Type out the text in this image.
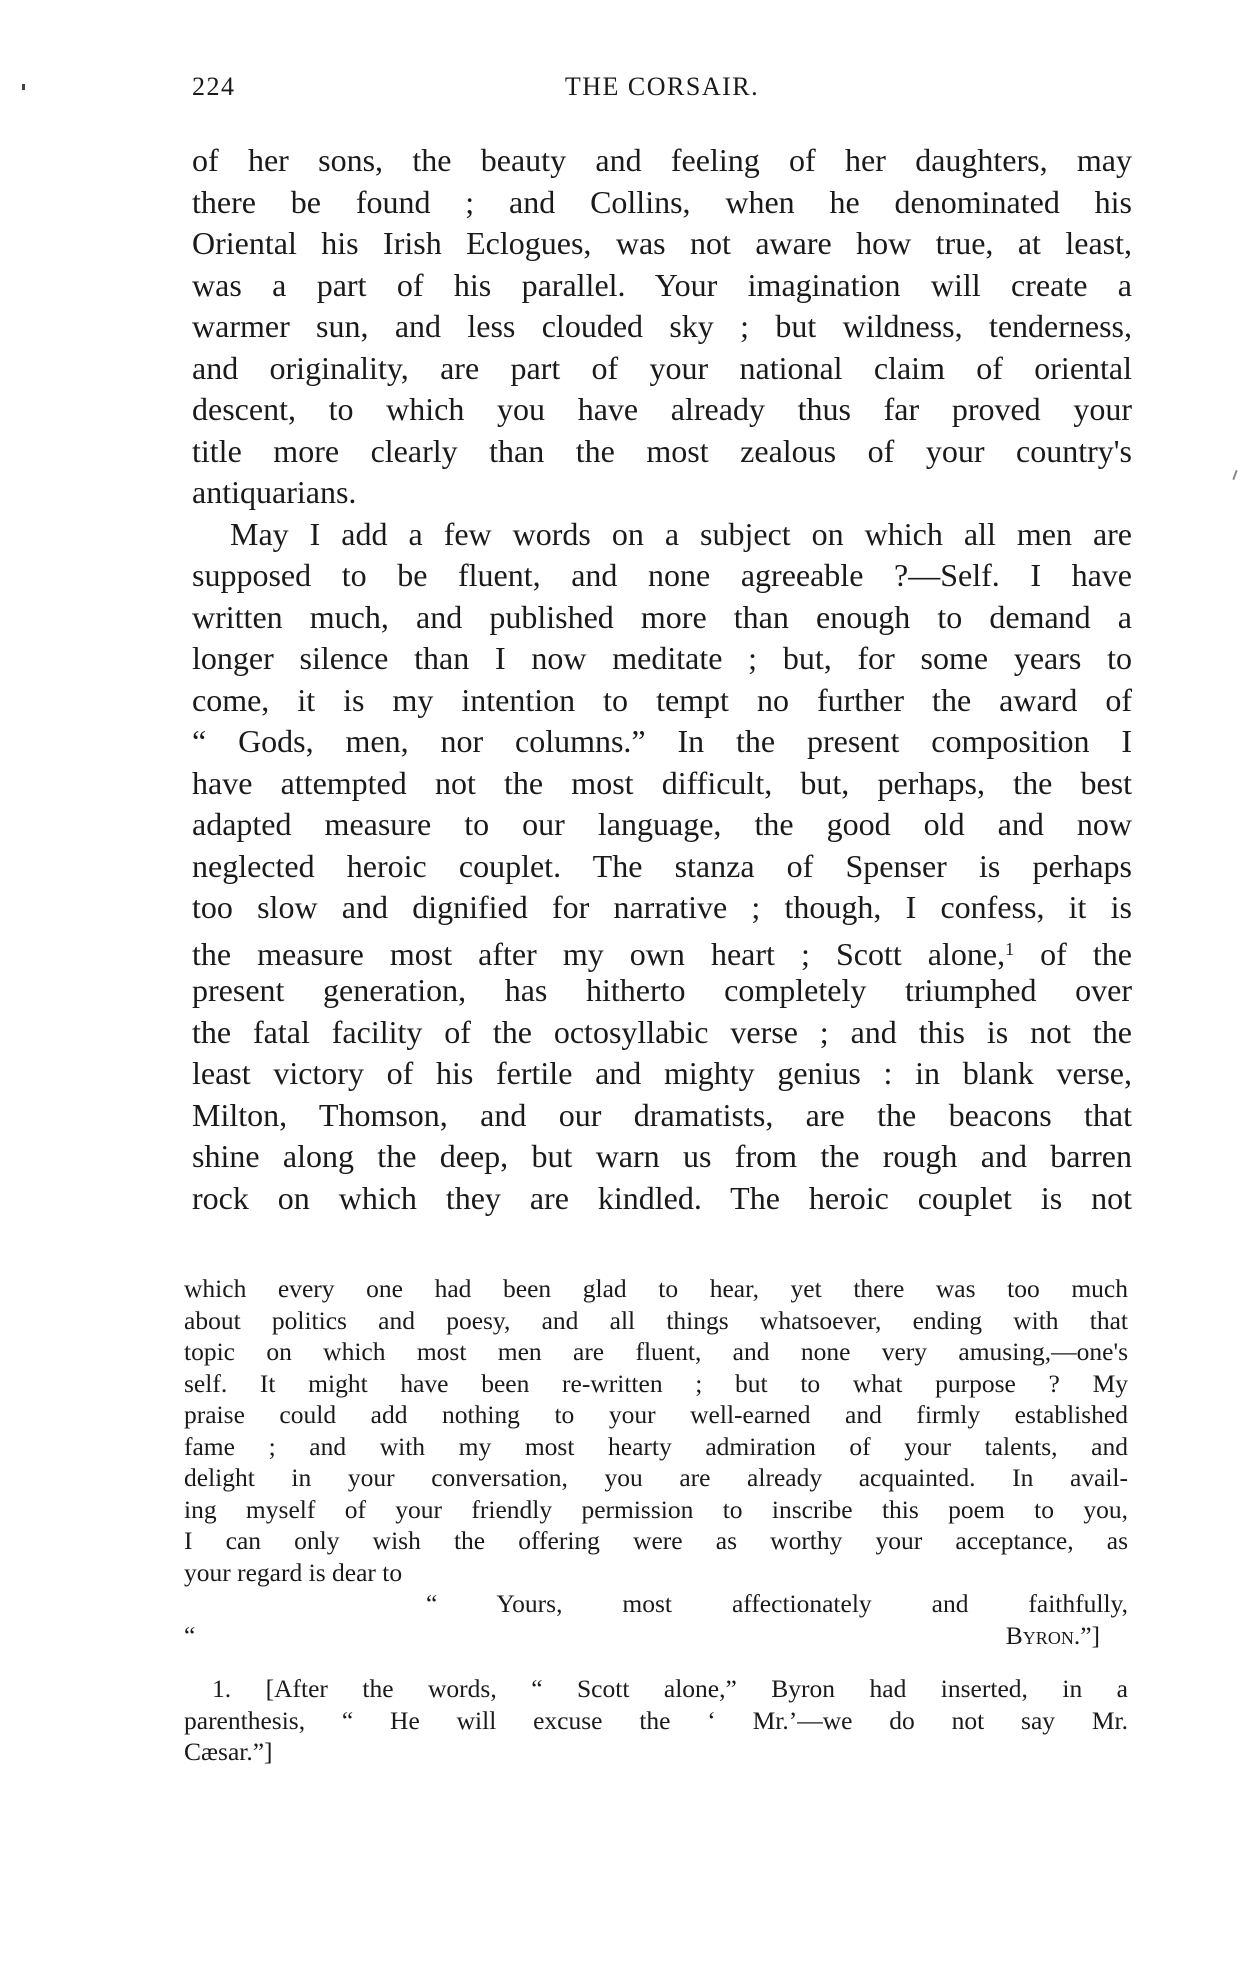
224	THE CORSAIR.
of her sons, the beauty and feeling of her daughters, may
there be found ; and Collins, when he denominated his
Oriental his Irish Eclogues, was not aware how true, at least,
was a part of his parallel. Your imagination will create a
warmer sun, and less clouded sky ; but wildness, tenderness,
and originality, are part of your national claim of oriental
descent, to which you have already thus far proved your
title more clearly than the most zealous of your country's
antiquarians.
May I add a few words on a subject on which all men are
supposed to be fluent, and none agreeable ?—Self. I have
written much, and published more than enough to demand a
longer silence than I now meditate ; but, for some years to
come, it is my intention to tempt no further the award of
“ Gods, men, nor columns.” In the present composition I
have attempted not the most difficult, but, perhaps, the best
adapted measure to our language, the good old and now
neglected heroic couplet. The stanza of Spenser is perhaps
too slow and dignified for narrative ; though, I confess, it is
the measure most after my own heart ; Scott alone,$^1$ of the
present generation, has hitherto completely triumphed over
the fatal facility of the octosyllabic verse ; and this is not the
least victory of his fertile and mighty genius : in blank verse,
Milton, Thomson, and our dramatists, are the beacons that
shine along the deep, but warn us from the rough and barren
rock on which they are kindled. The heroic couplet is not
which every one had been glad to hear, yet there was too much
about politics and poesy, and all things whatsoever, ending with that
topic on which most men are fluent, and none very amusing,—one's
self. It might have been re-written ; but to what purpose ? My
praise could add nothing to your well-earned and firmly established
fame ; and with my most hearty admiration of your talents, and
delight in your conversation, you are already acquainted. In avail-
ing myself of your friendly permission to inscribe this poem to you,
I can only wish the offering were as worthy your acceptance, as
your regard is dear to
“ Yours, most affectionately and faithfully,
“ Byron.”]
1. [After the words, “ Scott alone,” Byron had inserted, in a
parenthesis, “ He will excuse the ‘ Mr.’—we do not say Mr.
Cæsar.”]
